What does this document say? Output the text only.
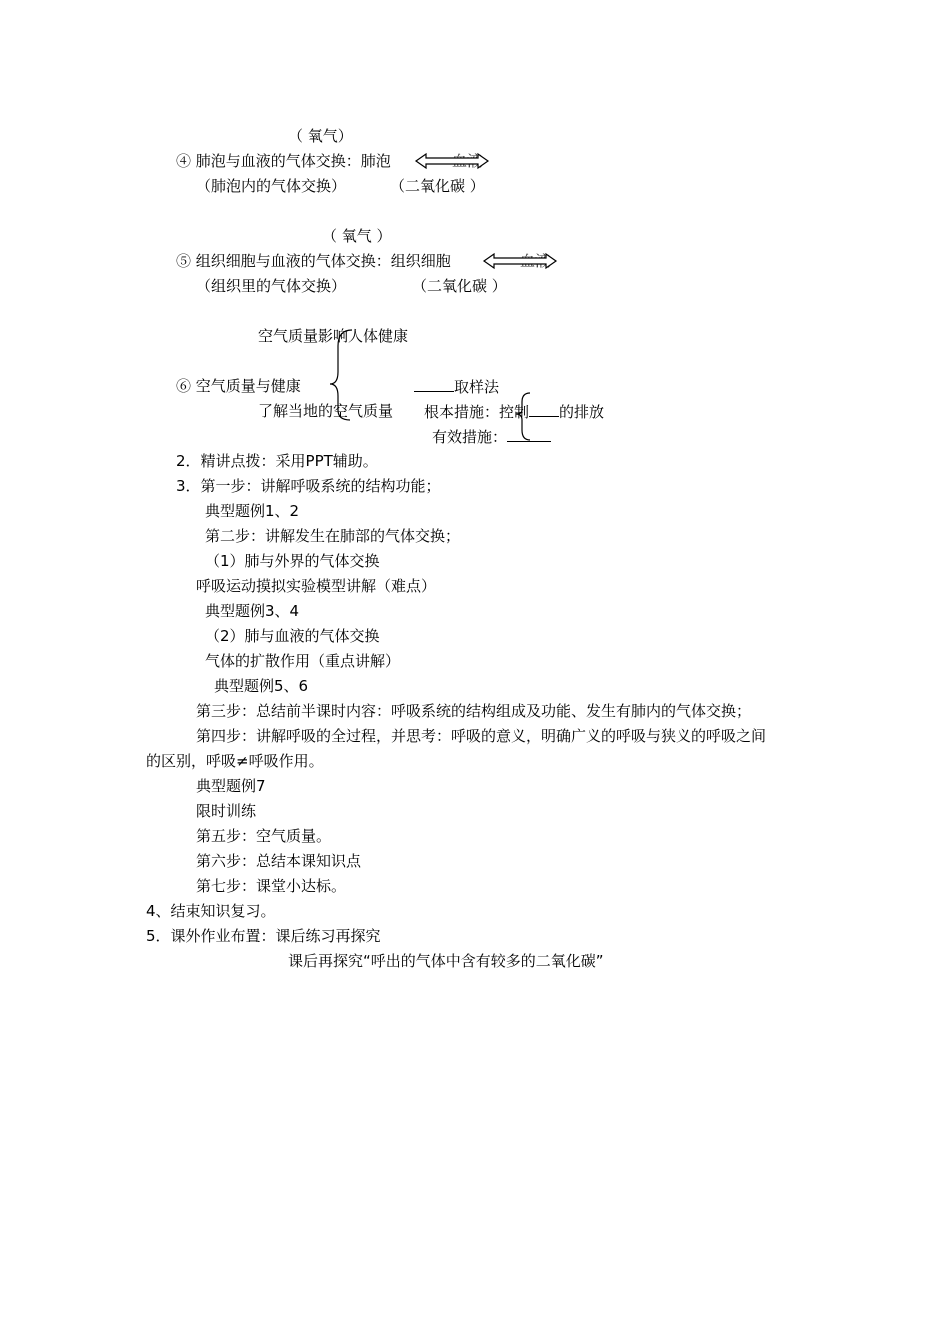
（ 氧气）
④ 肺泡与血液的气体交换：肺泡
（肺泡内的气体交换）	（二氧化碳 ）
（ 氧气 ）
⑤ 组织细胞与血液的气体交换：组织细胞
（组织里的气体交换）	（二氧化碳 ）
空气质量影响人体健康
⑥ 空气质量与健康	取样法
了解当地的空气质量 根本措施：控制 的排放
有效措施：
2．精讲点拨：采用PPT辅助。
3．第一步：讲解呼吸系统的结构功能；
典型题例1、2
第二步：讲解发生在肺部的气体交换；
（1）肺与外界的气体交换
呼吸运动摸拟实验模型讲解（难点）
典型题例3、4
（2）肺与血液的气体交换
气体的扩散作用（重点讲解）
典型题例5、6
第三步：总结前半课时内容：呼吸系统的结构组成及功能、发生有肺内的气体交换；
第四步：讲解呼吸的全过程，并思考：呼吸的意义，明确广义的呼吸与狭义的呼吸之间
的区别，呼吸≠呼吸作用。
典型题例7
限时训练
第五步：空气质量。
第六步：总结本课知识点
第七步：课堂小达标。
4、结束知识复习。
5．课外作业布置：课后练习再探究
课后再探究“呼出的气体中含有较多的二氧化碳”
